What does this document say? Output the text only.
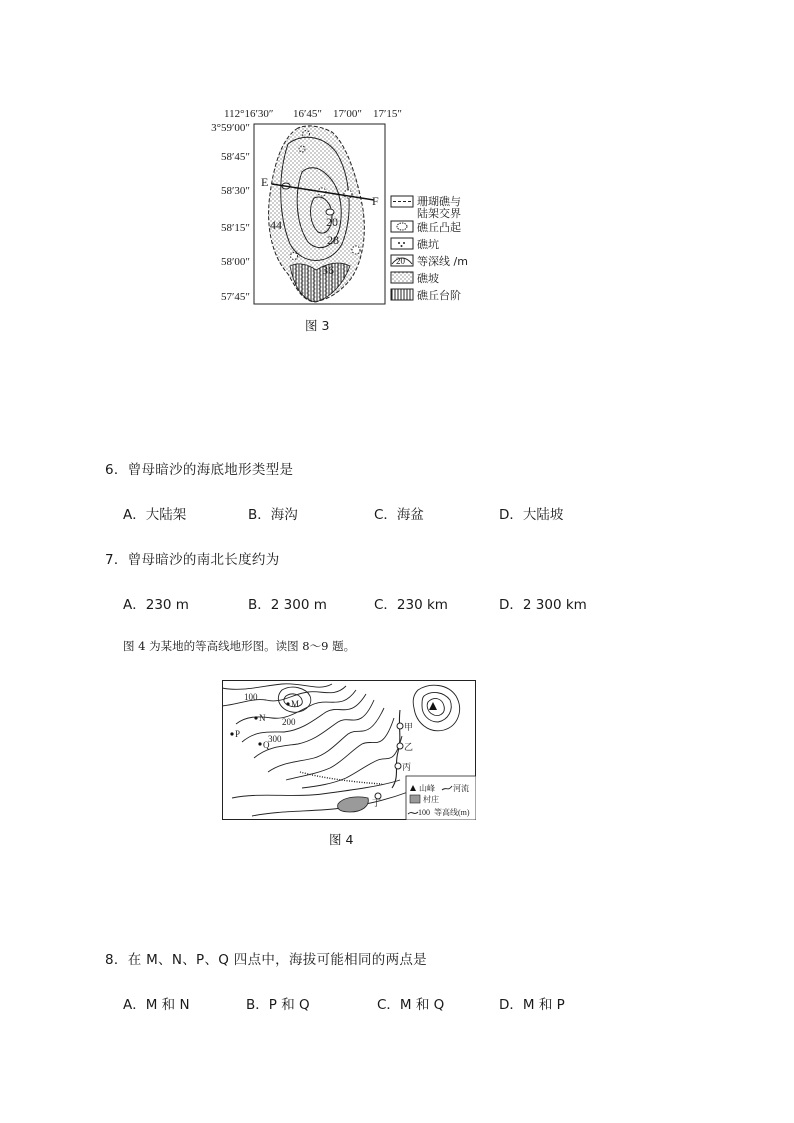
112°16′30″ 16′45″ 17′00″ 17′15″
3°59′00″
58′45″
58′30″
58′15″
58′00″
57′45″
E
F
44	20
28
36
珊瑚礁与
陆架交界
礁丘凸起
礁坑
20 等深线 /m
礁坡
礁丘台阶
图 3
6．曾母暗沙的海底地形类型是
A．大陆架	B．海沟	C．海盆	D．大陆坡
7．曾母暗沙的南北长度约为
A．230 m	B．2 300 m	C．230 km	D．2 300 km
图 4 为某地的等高线地形图。读图 8～9 题。
M
N
P
Q
100
200
300
甲
乙
丙
丁
山峰 河流
村庄
100 等高线(m)
图 4
8．在 M、N、P、Q 四点中，海拔可能相同的两点是
A．M 和 N	B．P 和 Q	C．M 和 Q	D．M 和 P
